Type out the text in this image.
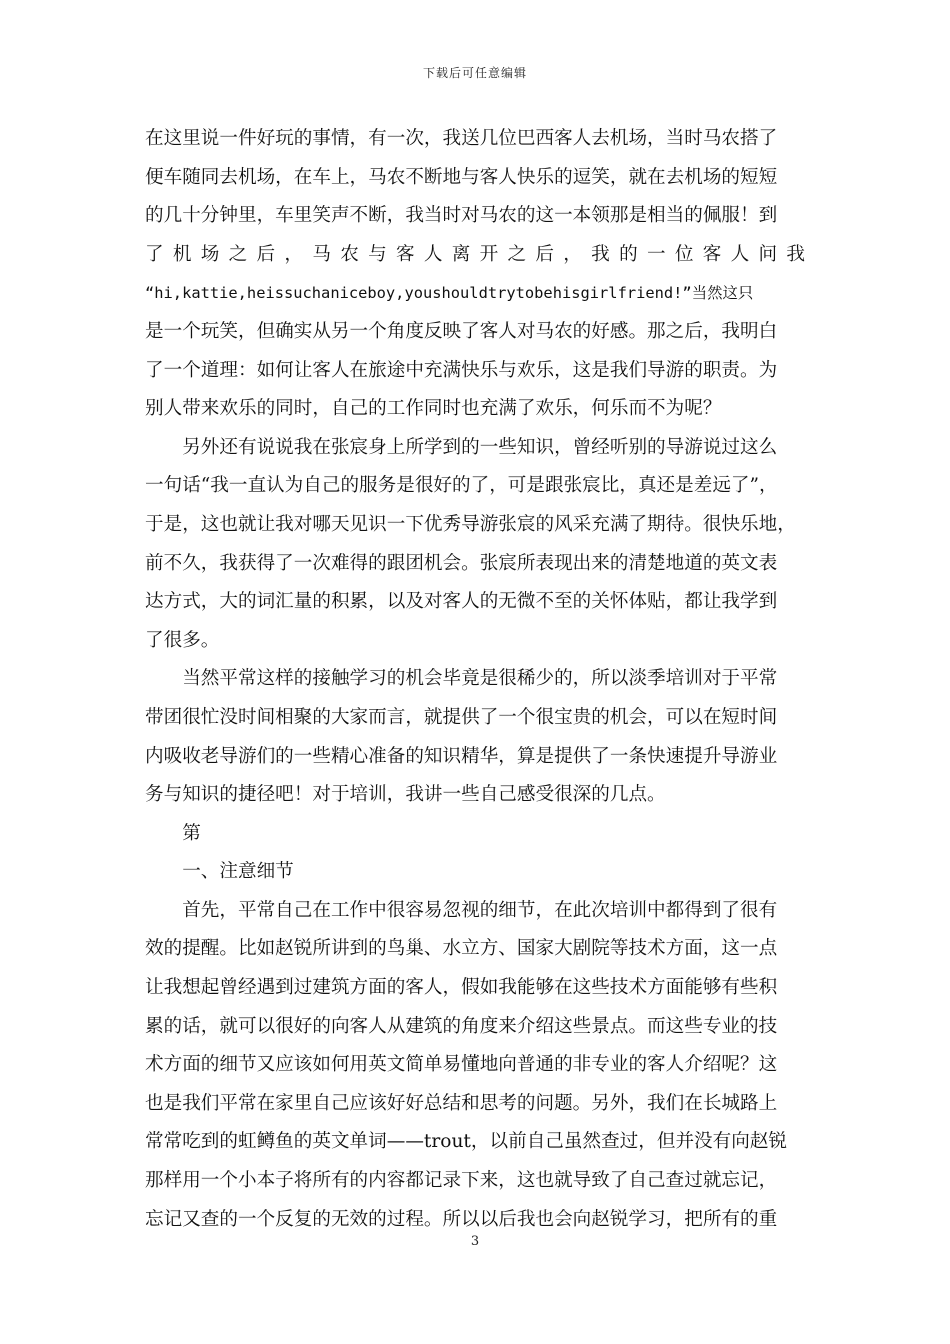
下载后可任意编辑

在这里说一件好玩的事情，有一次，我送几位巴西客人去机场，当时马农搭了
便车随同去机场，在车上，马农不断地与客人快乐的逗笑，就在去机场的短短
的几十分钟里，车里笑声不断，我当时对马农的这一本领那是相当的佩服！到
了机场之后，马农与客人离开之后，我的一位客人问我
“hi,kattie,heissuchaniceboy,youshouldtrytobehisgirlfriend!”当然这只
是一个玩笑，但确实从另一个角度反映了客人对马农的好感。那之后，我明白
了一个道理：如何让客人在旅途中充满快乐与欢乐，这是我们导游的职责。为
别人带来欢乐的同时，自己的工作同时也充满了欢乐，何乐而不为呢？

另外还有说说我在张宸身上所学到的一些知识，曾经听别的导游说过这么
一句话“我一直认为自己的服务是很好的了，可是跟张宸比，真还是差远了”，
于是，这也就让我对哪天见识一下优秀导游张宸的风采充满了期待。很快乐地，
前不久，我获得了一次难得的跟团机会。张宸所表现出来的清楚地道的英文表
达方式，大的词汇量的积累，以及对客人的无微不至的关怀体贴，都让我学到
了很多。

当然平常这样的接触学习的机会毕竟是很稀少的，所以淡季培训对于平常
带团很忙没时间相聚的大家而言，就提供了一个很宝贵的机会，可以在短时间
内吸收老导游们的一些精心准备的知识精华，算是提供了一条快速提升导游业
务与知识的捷径吧！对于培训，我讲一些自己感受很深的几点。

第

一、注意细节

首先，平常自己在工作中很容易忽视的细节，在此次培训中都得到了很有
效的提醒。比如赵锐所讲到的鸟巢、水立方、国家大剧院等技术方面，这一点
让我想起曾经遇到过建筑方面的客人，假如我能够在这些技术方面能够有些积
累的话，就可以很好的向客人从建筑的角度来介绍这些景点。而这些专业的技
术方面的细节又应该如何用英文简单易懂地向普通的非专业的客人介绍呢？这
也是我们平常在家里自己应该好好总结和思考的问题。另外，我们在长城路上
常常吃到的虹鳟鱼的英文单词——trout，以前自己虽然查过，但并没有向赵锐
那样用一个小本子将所有的内容都记录下来，这也就导致了自己查过就忘记，
忘记又查的一个反复的无效的过程。所以以后我也会向赵锐学习，把所有的重

3
